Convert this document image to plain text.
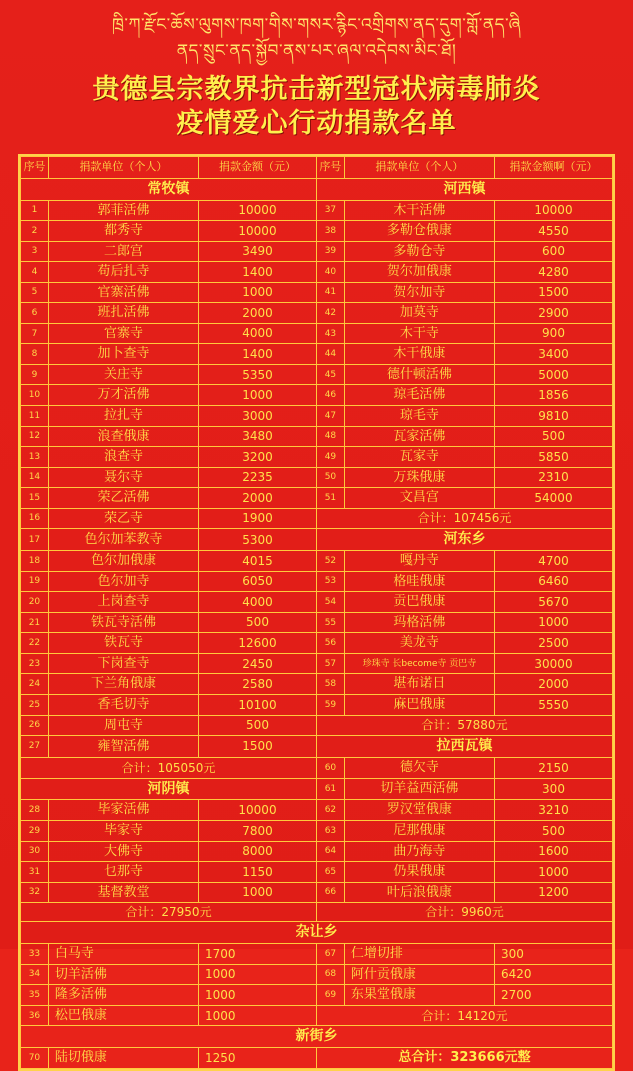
ཁྲི་ཀ་རྫོང་ཆོས་ལུགས་ཁག་གིས་གསར་རྙིང་འགྲིགས་ནད་དུག་གློ་ནད་ཞི
ནད་སྲུང་ནད་སྐྱོབ་ནས་པར་ཞལ་འདེབས་མིང་ཐོ།
贵德县宗教界抗击新型冠状病毒肺炎
疫情爱心行动捐款名单
序号	捐款单位（个人）	捐款金额（元）	序号	捐款单位（个人）	捐款金额啊（元）
常牧镇			河西镇		
1	郭菲活佛	10000	37	木干活佛	10000
2	都秀寺	10000	38	多勒仓俄康	4550
3	二郎宫	3490	39	多勒仓寺	600
4	苟后扎寺	1400	40	贺尔加俄康	4280
5	官寨活佛	1000	41	贺尔加寺	1500
6	班扎活佛	2000	42	加莫寺	2900
7	官寨寺	4000	43	木干寺	900
8	加卜查寺	1400	44	木干俄康	3400
9	关庄寺	5350	45	德什顿活佛	5000
10	万才活佛	1000	46	琼毛活佛	1856
11	拉扎寺	3000	47	琼毛寺	9810
12	浪查俄康	3480	48	瓦家活佛	500
13	浪查寺	3200	49	瓦家寺	5850
14	聂尔寺	2235	50	万珠俄康	2310
15	荣乙活佛	2000	51	文昌宫	54000
16	荣乙寺	1900	合计：107456元		
17	色尔加苯教寺	5300	河东乡		
18	色尔加俄康	4015	52	嘎丹寺	4700
19	色尔加寺	6050	53	格哇俄康	6460
20	上岗查寺	4000	54	贡巴俄康	5670
21	铁瓦寺活佛	500	55	玛格活佛	1000
22	铁瓦寺	12600	56	美龙寺	2500
23	下岗查寺	2450	57	珍珠寺 长become寺 贡巴寺	30000
24	下兰角俄康	2580	58	堪布诺日	2000
25	香毛切寺	10100	59	麻巴俄康	5550
26	周屯寺	500	合计：57880元		
27	雍智活佛	1500	拉西瓦镇		
合计：105050元			60	德欠寺	2150
河阴镇			61	切羊益西活佛	300
28	毕家活佛	10000	62	罗汉堂俄康	3210
29	毕家寺	7800	63	尼那俄康	500
30	大佛寺	8000	64	曲乃海寺	1600
31	乜那寺	1150	65	仍果俄康	1000
32	基督教堂	1000	66	叶后浪俄康	1200
合计：27950元			合计：9960元		
杂让乡					
33	白马寺	1700	67	仁增切排	300
34	切羊活佛	1000	68	阿什贡俄康	6420
35	隆多活佛	1000	69	东果堂俄康	2700
36	松巴俄康	1000	合计：14120元		
新街乡					
70	陆切俄康	1250	总合计：323666元整		
